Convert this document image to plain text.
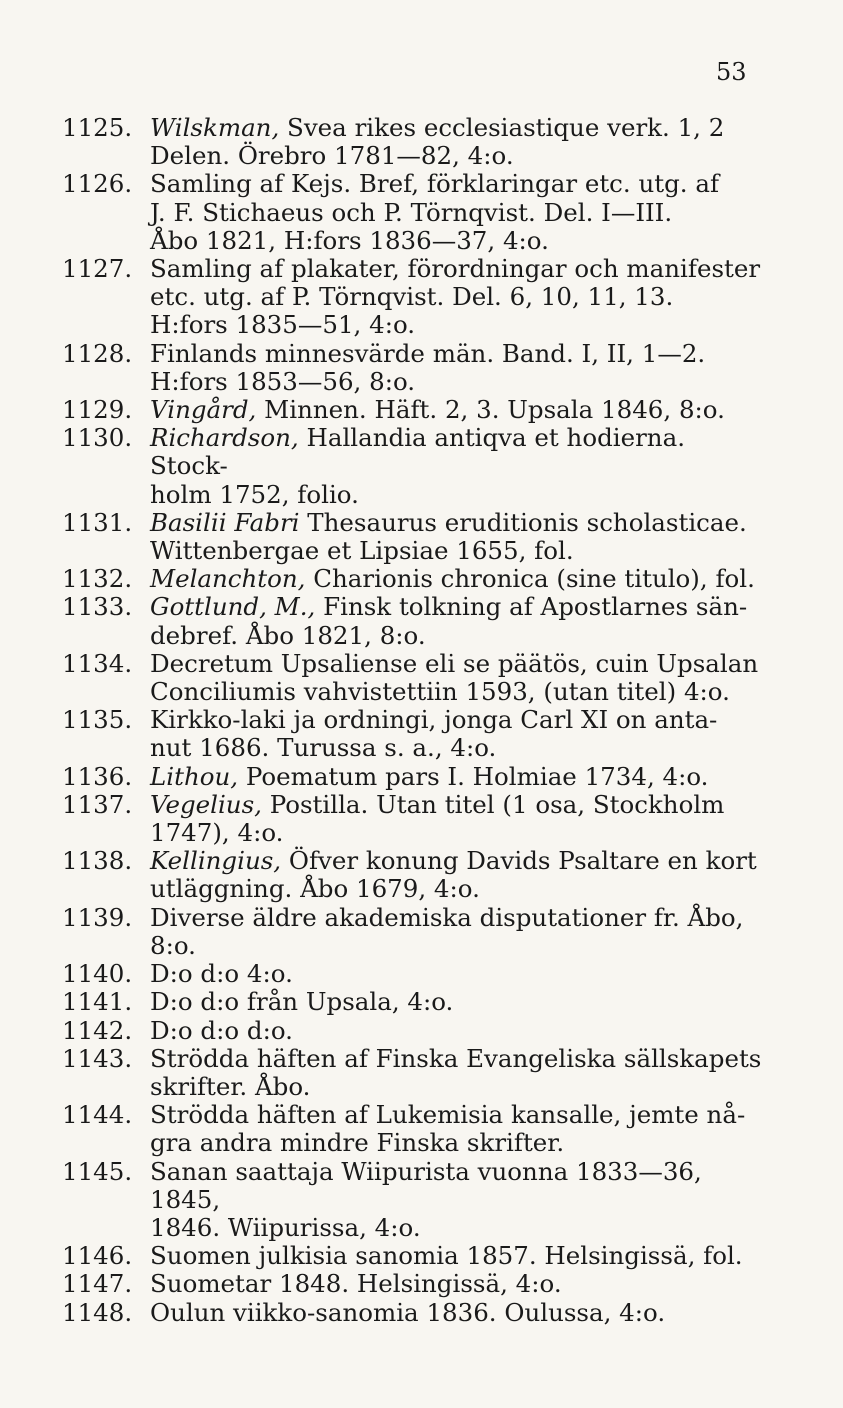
53
1125. Wilskman, Svea rikes ecclesiastique verk. 1, 2
Delen. Örebro 1781—82, 4:o.
1126. Samling af Kejs. Bref, förklaringar etc. utg. af
J. F. Stichaeus och P. Törnqvist. Del. I—III.
Åbo 1821, H:fors 1836—37, 4:o.
1127. Samling af plakater, förordningar och manifester
etc. utg. af P. Törnqvist. Del. 6, 10, 11, 13.
H:fors 1835—51, 4:o.
1128. Finlands minnesvärde män. Band. I, II, 1—2.
H:fors 1853—56, 8:o.
1129. Vingård, Minnen. Häft. 2, 3. Upsala 1846, 8:o.
1130. Richardson, Hallandia antiqva et hodierna. Stock-
holm 1752, folio.
1131. Basilii Fabri Thesaurus eruditionis scholasticae.
Wittenbergae et Lipsiae 1655, fol.
1132. Melanchton, Charionis chronica (sine titulo), fol.
1133. Gottlund, M., Finsk tolkning af Apostlarnes sän-
debref. Åbo 1821, 8:o.
1134. Decretum Upsaliense eli se päätös, cuin Upsalan
Conciliumis vahvistettiin 1593, (utan titel) 4:o.
1135. Kirkko-laki ja ordningi, jonga Carl XI on anta-
nut 1686. Turussa s. a., 4:o.
1136. Lithou, Poematum pars I. Holmiae 1734, 4:o.
1137. Vegelius, Postilla. Utan titel (1 osa, Stockholm
1747), 4:o.
1138. Kellingius, Öfver konung Davids Psaltare en kort
utläggning. Åbo 1679, 4:o.
1139. Diverse äldre akademiska disputationer fr. Åbo, 8:o.
1140. D:o d:o 4:o.
1141. D:o d:o från Upsala, 4:o.
1142. D:o d:o d:o.
1143. Strödda häften af Finska Evangeliska sällskapets
skrifter. Åbo.
1144. Strödda häften af Lukemisia kansalle, jemte nå-
gra andra mindre Finska skrifter.
1145. Sanan saattaja Wiipurista vuonna 1833—36, 1845,
1846. Wiipurissa, 4:o.
1146. Suomen julkisia sanomia 1857. Helsingissä, fol.
1147. Suometar 1848. Helsingissä, 4:o.
1148. Oulun viikko-sanomia 1836. Oulussa, 4:o.
